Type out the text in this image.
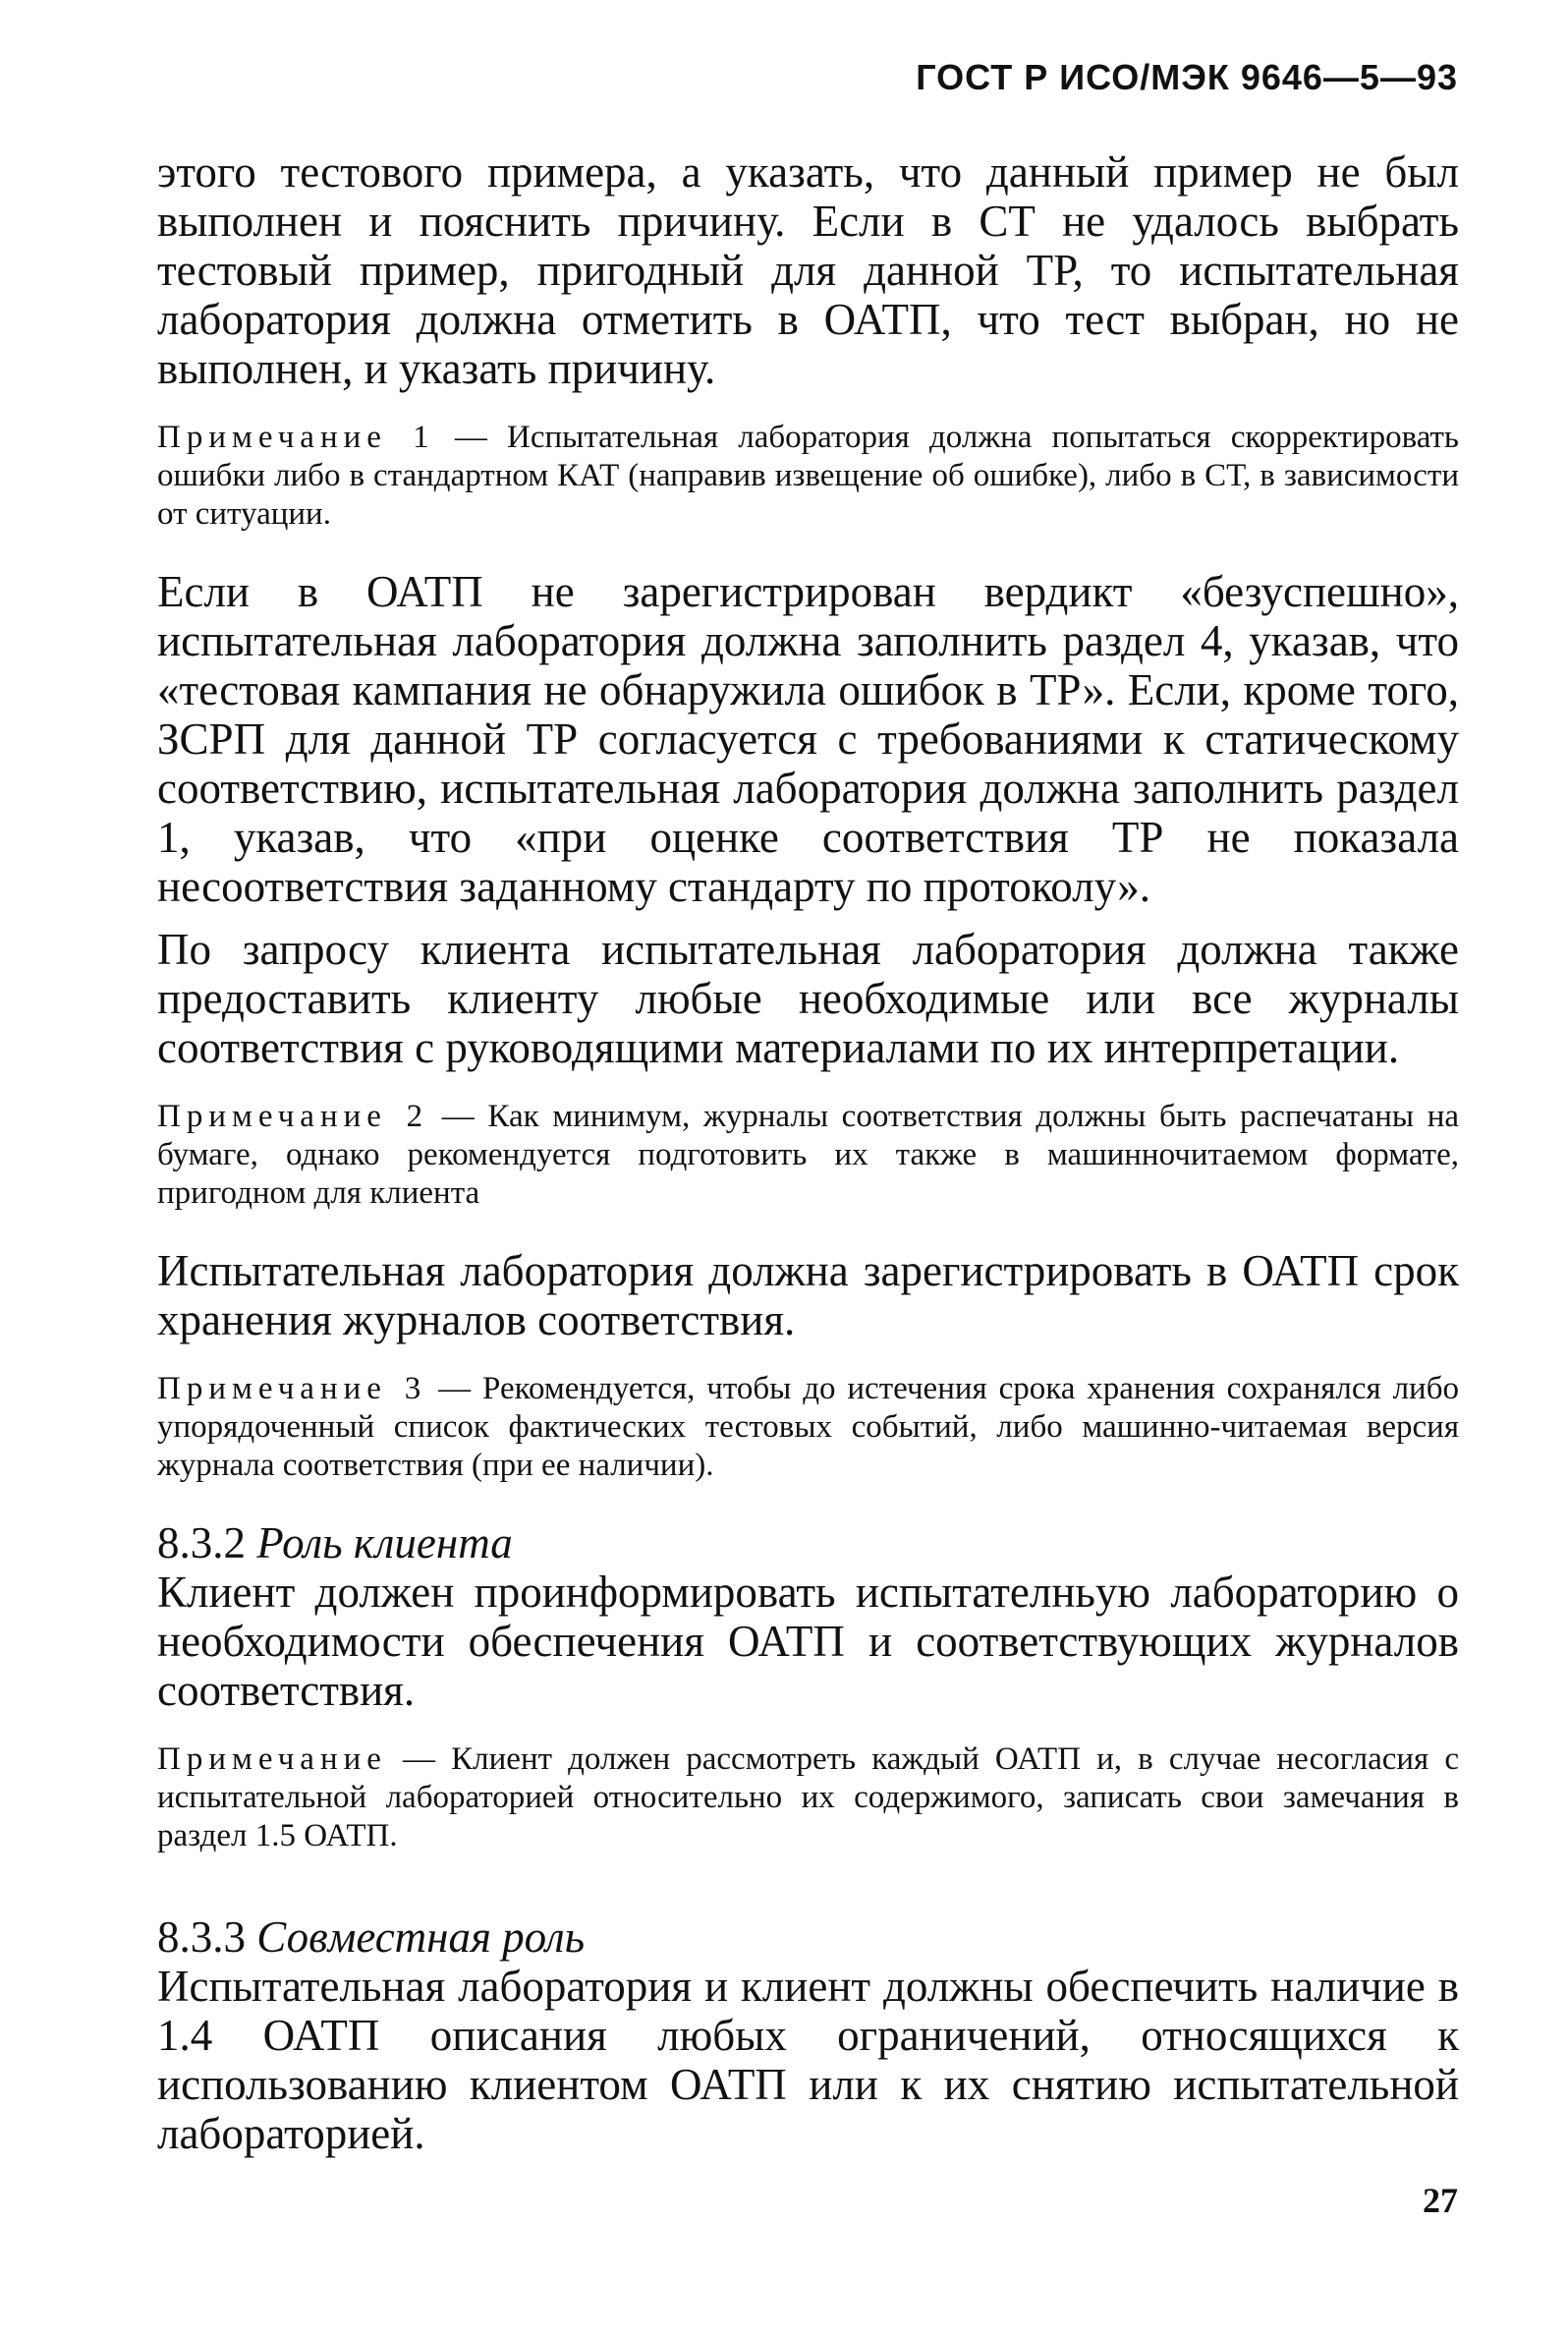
ГОСТ Р ИСО/МЭК 9646—5—93

этого тестового примера, а указать, что данный пример не был выполнен и пояснить причину. Если в СТ не удалось выбрать тестовый пример, пригодный для данной ТР, то испытательная лаборатория должна отметить в ОАТП, что тест выбран, но не выполнен, и указать причину.

Примечание 1 — Испытательная лаборатория должна попытаться скорректировать ошибки либо в стандартном КАТ (направив извещение об ошибке), либо в СТ, в зависимости от ситуации.

Если в ОАТП не зарегистрирован вердикт «безуспешно», испытательная лаборатория должна заполнить раздел 4, указав, что «тестовая кампания не обнаружила ошибок в ТР». Если, кроме того, ЗСРП для данной ТР согласуется с требованиями к статическому соответствию, испытательная лаборатория должна заполнить раздел 1, указав, что «при оценке соответствия ТР не показала несоответствия заданному стандарту по протоколу».

По запросу клиента испытательная лаборатория должна также предоставить клиенту любые необходимые или все журналы соответствия с руководящими материалами по их интерпретации.

Примечание 2 — Как минимум, журналы соответствия должны быть распечатаны на бумаге, однако рекомендуется подготовить их также в машинночитаемом формате, пригодном для клиента

Испытательная лаборатория должна зарегистрировать в ОАТП срок хранения журналов соответствия.

Примечание 3 — Рекомендуется, чтобы до истечения срока хранения сохранялся либо упорядоченный список фактических тестовых событий, либо машинно-читаемая версия журнала соответствия (при ее наличии).

8.3.2 Роль клиента

Клиент должен проинформировать испытателньую лабораторию о необходимости обеспечения ОАТП и соответствующих журналов соответствия.

Примечание — Клиент должен рассмотреть каждый ОАТП и, в случае несогласия с испытательной лабораторией относительно их содержимого, записать свои замечания в раздел 1.5 ОАТП.

8.3.3 Совместная роль

Испытательная лаборатория и клиент должны обеспечить наличие в 1.4 ОАТП описания любых ограничений, относящихся к использованию клиентом ОАТП или к их снятию испытательной лабораторией.

27
